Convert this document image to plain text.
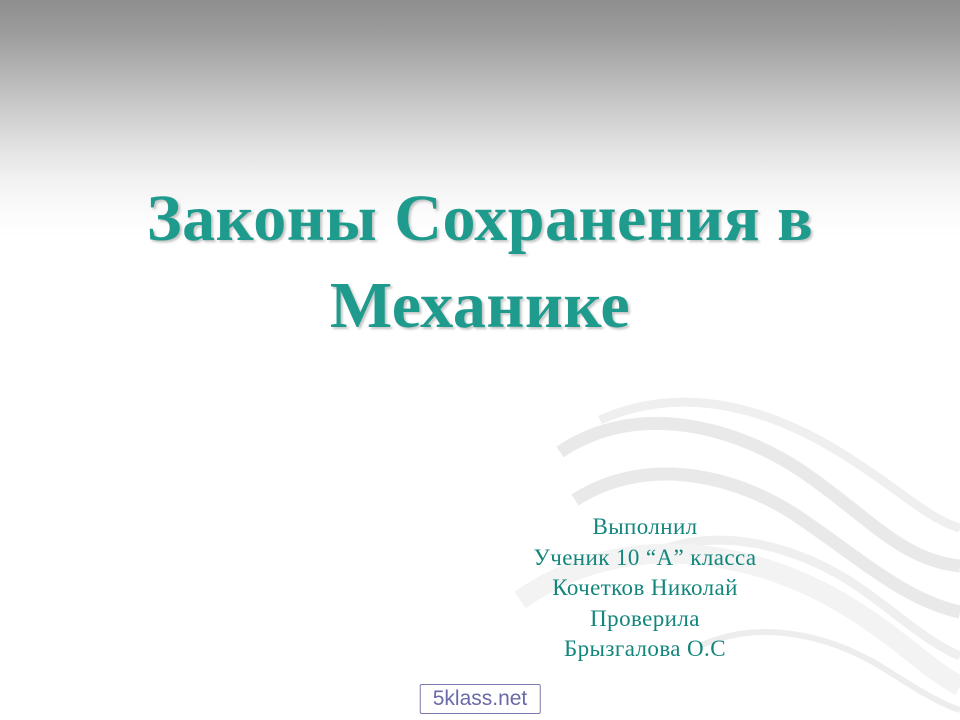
Законы Сохранения в
Механике
Выполнил
Ученик 10 “А” класса
Кочетков Николай
Проверила
Брызгалова О.С
5klass.net
